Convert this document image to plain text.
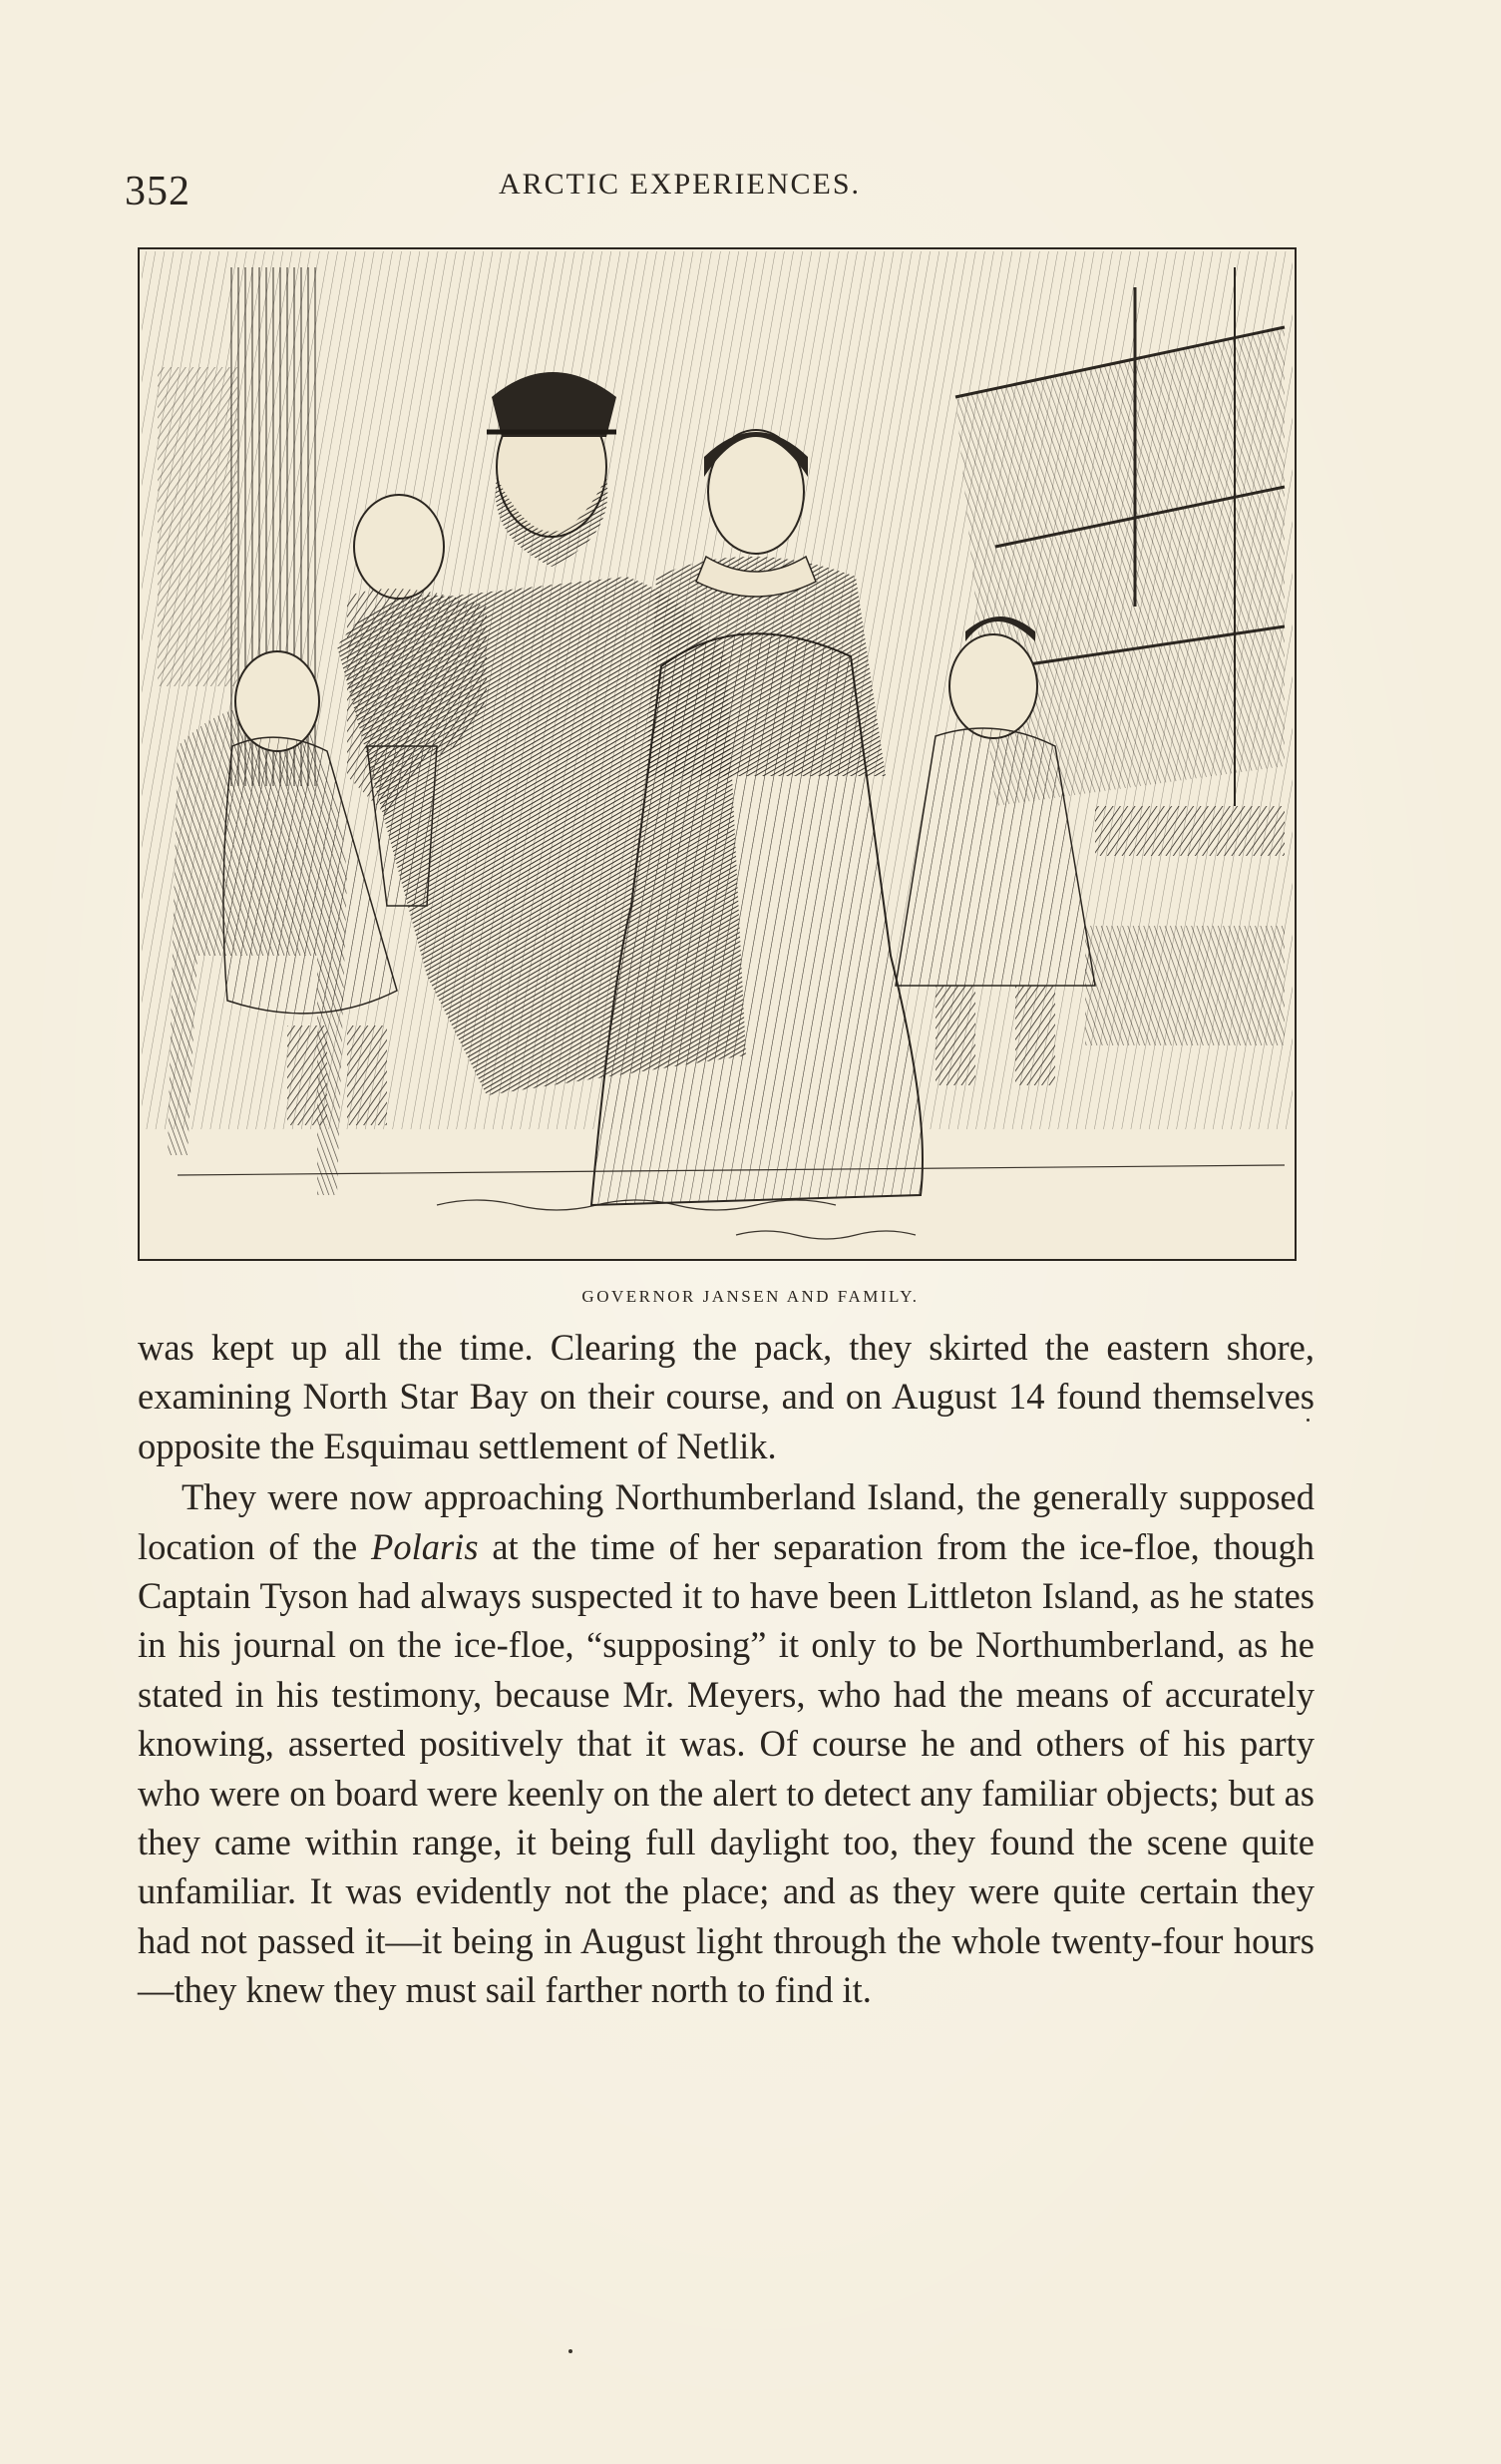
352	ARCTIC EXPERIENCES.
GOVERNOR JANSEN AND FAMILY.

was kept up all the time. Clearing the pack, they skirted the eastern shore, examining North Star Bay on their course, and on August 14 found themselves opposite the Esquimau settlement of Netlik.

They were now approaching Northumberland Island, the generally supposed location of the Polaris at the time of her separation from the ice-floe, though Captain Tyson had always suspected it to have been Littleton Island, as he states in his journal on the ice-floe, “supposing” it only to be Northumberland, as he stated in his testimony, because Mr. Meyers, who had the means of accurately knowing, asserted positively that it was. Of course he and others of his party who were on board were keenly on the alert to detect any familiar objects; but as they came within range, it being full daylight too, they found the scene quite unfamiliar. It was evidently not the place; and as they were quite certain they had not passed it—it being in August light through the whole twenty-four hours—they knew they must sail farther north to find it.
